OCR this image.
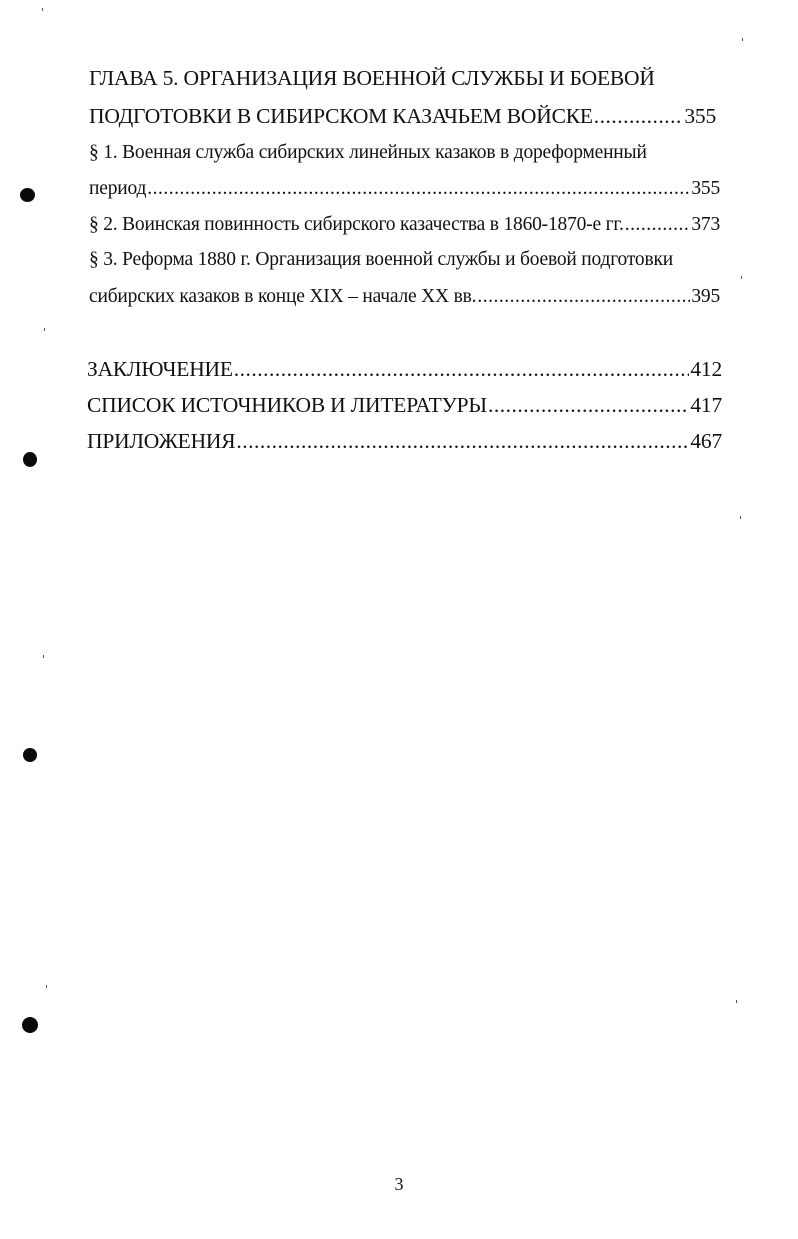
ГЛАВА 5. ОРГАНИЗАЦИЯ ВОЕННОЙ СЛУЖБЫ И БОЕВОЙ
ПОДГОТОВКИ В СИБИРСКОМ КАЗАЧЬЕМ ВОЙСКЕ .....	355
§ 1. Военная служба сибирских линейных казаков в дореформенный
период .....	355
§ 2. Воинская повинность сибирского казачества в 1860-1870-е гг. .....	373
§ 3. Реформа 1880 г. Организация военной службы и боевой подготовки
сибирских казаков в конце XIX – начале XX вв. .....	395
ЗАКЛЮЧЕНИЕ .....	412
СПИСОК ИСТОЧНИКОВ И ЛИТЕРАТУРЫ .....	417
ПРИЛОЖЕНИЯ .....	467
3
